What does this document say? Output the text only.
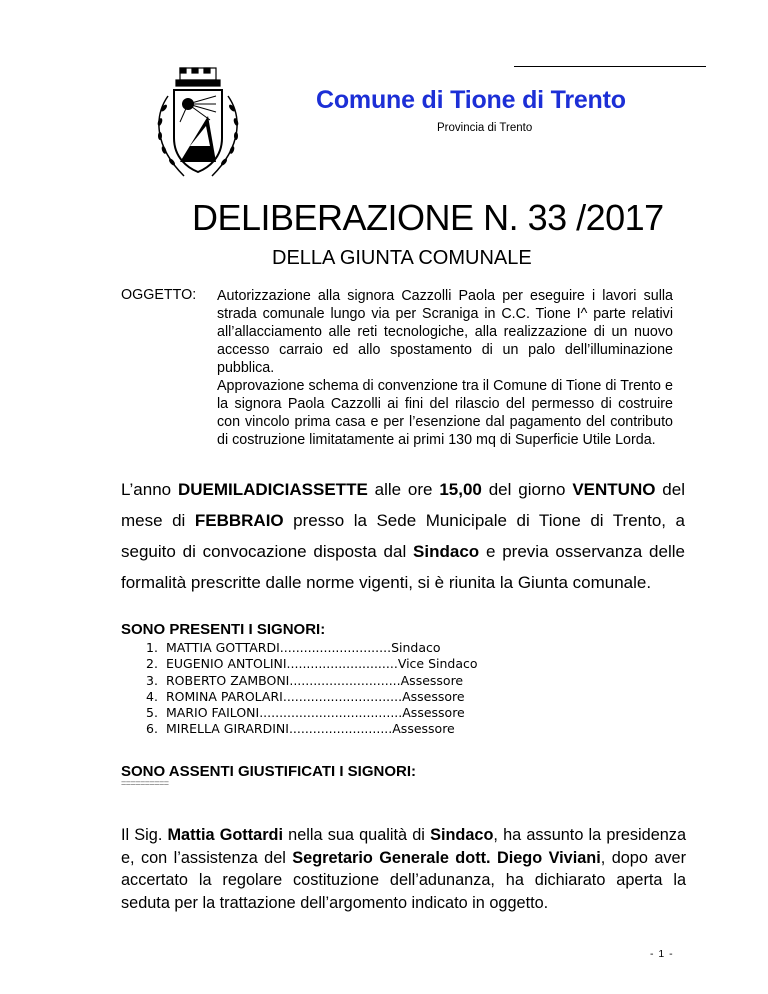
Comune di Tione di Trento
Provincia di Trento
DELIBERAZIONE N. 33 /2017
DELLA GIUNTA COMUNALE
OGGETTO: Autorizzazione alla signora Cazzolli Paola per eseguire i lavori sulla strada comunale lungo via per Scraniga in C.C. Tione I^ parte relativi all’allacciamento alle reti tecnologiche, alla realizzazione di un nuovo accesso carraio ed allo spostamento di un palo dell’illuminazione pubblica.

Approvazione schema di convenzione tra il Comune di Tione di Trento e la signora Paola Cazzolli ai fini del rilascio del permesso di costruire con vincolo prima casa e per l’esenzione dal pagamento del contributo di costruzione limitatamente ai primi 130 mq di Superficie Utile Lorda.

L’anno DUEMILADICIASSETTE alle ore 15,00 del giorno VENTUNO del mese di FEBBRAIO presso la Sede Municipale di Tione di Trento, a seguito di convocazione disposta dal Sindaco e previa osservanza delle formalità prescritte dalle norme vigenti, si è riunita la Giunta comunale.
SONO PRESENTI I SIGNORI:
1. MATTIA GOTTARDI............................Sindaco
2. EUGENIO ANTOLINI............................Vice Sindaco
3. ROBERTO ZAMBONI............................Assessore
4. ROMINA PAROLARI..............................Assessore
5. MARIO FAILONI....................................Assessore
6. MIRELLA GIRARDINI..........................Assessore
SONO ASSENTI GIUSTIFICATI I SIGNORI:
==========
Il Sig. Mattia Gottardi nella sua qualità di Sindaco, ha assunto la presidenza e, con l’assistenza del Segretario Generale dott. Diego Viviani, dopo aver accertato la regolare costituzione dell’adunanza, ha dichiarato aperta la seduta per la trattazione dell’argomento indicato in oggetto.
- 1 -
